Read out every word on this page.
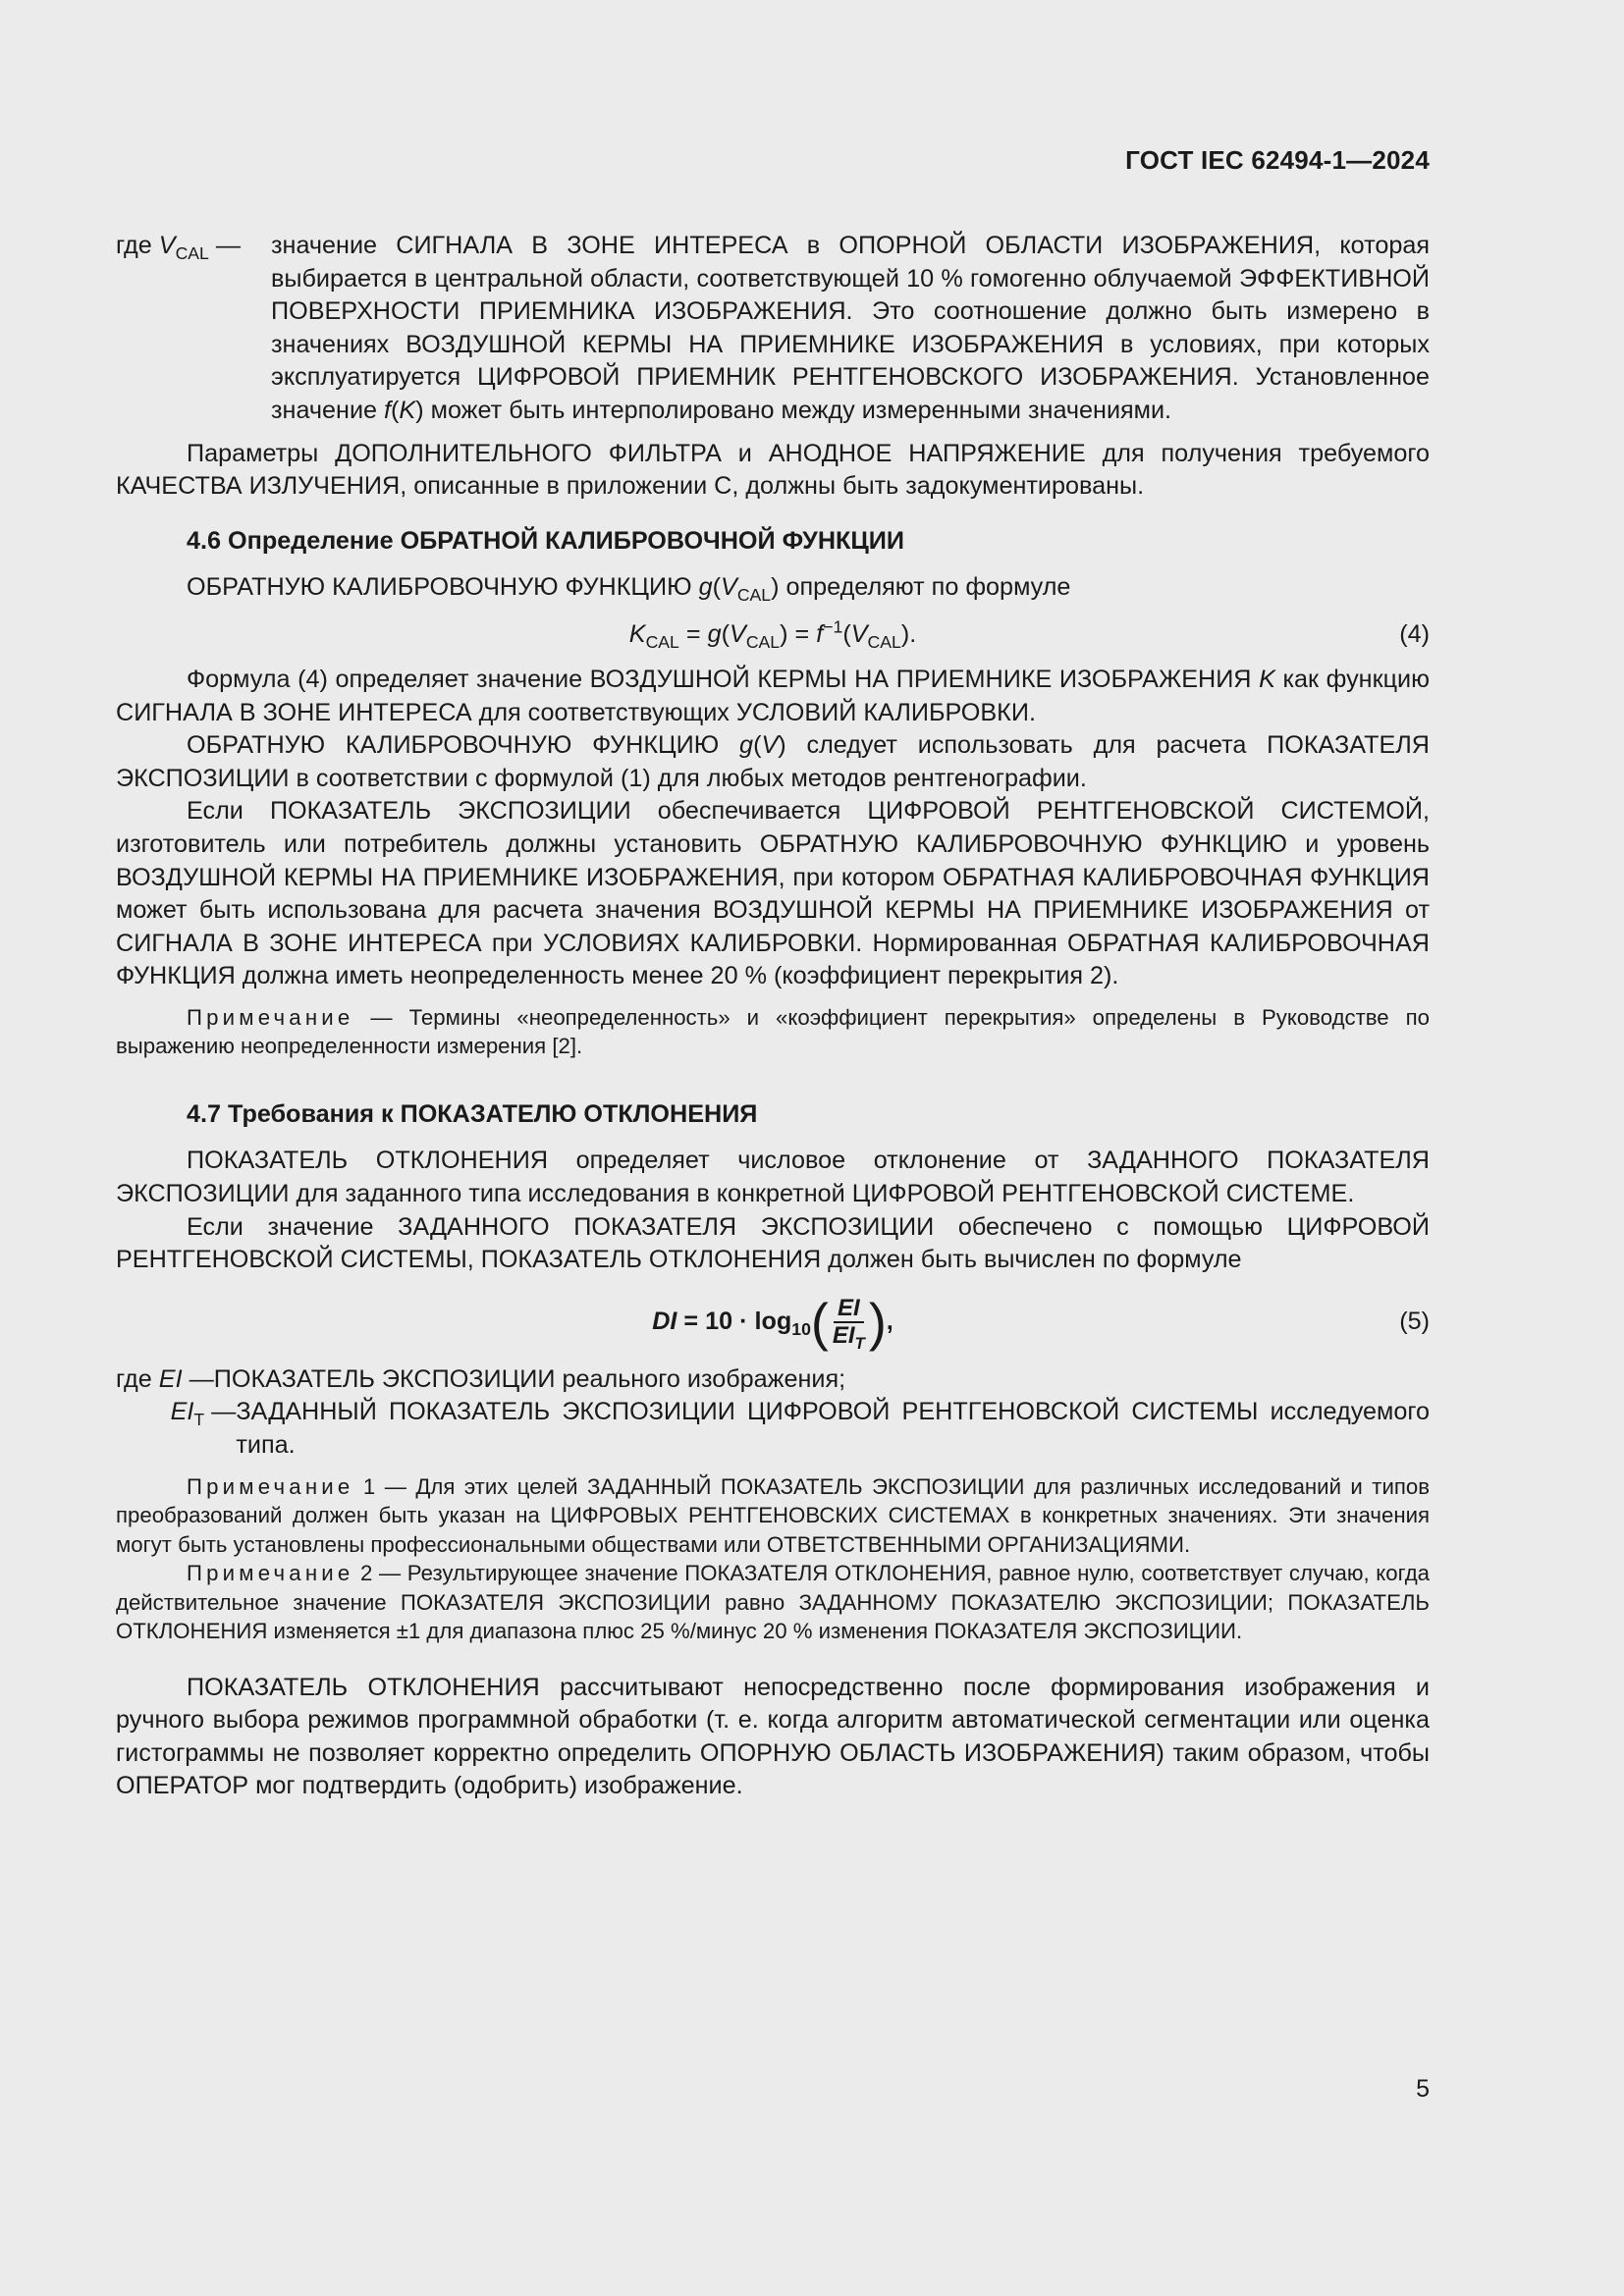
ГОСТ IEC 62494-1—2024
где $V_{CAL}$ —	значение СИГНАЛА В ЗОНЕ ИНТЕРЕСА в ОПОРНОЙ ОБЛАСТИ ИЗОБРАЖЕНИЯ, которая выбирается в центральной области, соответствующей 10 % гомогенно облучаемой ЭФФЕКТИВНОЙ ПОВЕРХНОСТИ ПРИЕМНИКА ИЗОБРАЖЕНИЯ. Это соотношение должно быть измерено в значениях ВОЗДУШНОЙ КЕРМЫ НА ПРИЕМНИКЕ ИЗОБРАЖЕНИЯ в условиях, при которых эксплуатируется ЦИФРОВОЙ ПРИЕМНИК РЕНТГЕНОВСКОГО ИЗОБРАЖЕНИЯ. Установленное значение f(K) может быть интерполировано между измеренными значениями.

Параметры ДОПОЛНИТЕЛЬНОГО ФИЛЬТРА и АНОДНОЕ НАПРЯЖЕНИЕ для получения требуемого КАЧЕСТВА ИЗЛУЧЕНИЯ, описанные в приложении С, должны быть задокументированы.

4.6 Определение ОБРАТНОЙ КАЛИБРОВОЧНОЙ ФУНКЦИИ

ОБРАТНУЮ КАЛИБРОВОЧНУЮ ФУНКЦИЮ $g(V_{CAL})$ определяют по формуле

$K_{CAL} = g(V_{CAL}) = f^{-1}(V_{CAL})$.	(4)

Формула (4) определяет значение ВОЗДУШНОЙ КЕРМЫ НА ПРИЕМНИКЕ ИЗОБРАЖЕНИЯ K как функцию СИГНАЛА В ЗОНЕ ИНТЕРЕСА для соответствующих УСЛОВИЙ КАЛИБРОВКИ.

ОБРАТНУЮ КАЛИБРОВОЧНУЮ ФУНКЦИЮ g(V) следует использовать для расчета ПОКАЗАТЕЛЯ ЭКСПОЗИЦИИ в соответствии с формулой (1) для любых методов рентгенографии.

Если ПОКАЗАТЕЛЬ ЭКСПОЗИЦИИ обеспечивается ЦИФРОВОЙ РЕНТГЕНОВСКОЙ СИСТЕМОЙ, изготовитель или потребитель должны установить ОБРАТНУЮ КАЛИБРОВОЧНУЮ ФУНКЦИЮ и уровень ВОЗДУШНОЙ КЕРМЫ НА ПРИЕМНИКЕ ИЗОБРАЖЕНИЯ, при котором ОБРАТНАЯ КАЛИБРОВОЧНАЯ ФУНКЦИЯ может быть использована для расчета значения ВОЗДУШНОЙ КЕРМЫ НА ПРИЕМНИКЕ ИЗОБРАЖЕНИЯ от СИГНАЛА В ЗОНЕ ИНТЕРЕСА при УСЛОВИЯХ КАЛИБРОВКИ. Нормированная ОБРАТНАЯ КАЛИБРОВОЧНАЯ ФУНКЦИЯ должна иметь неопределенность менее 20 % (коэффициент перекрытия 2).

Примечание — Термины «неопределенность» и «коэффициент перекрытия» определены в Руководстве по выражению неопределенности измерения [2].

4.7 Требования к ПОКАЗАТЕЛЮ ОТКЛОНЕНИЯ

ПОКАЗАТЕЛЬ ОТКЛОНЕНИЯ определяет числовое отклонение от ЗАДАННОГО ПОКАЗАТЕЛЯ ЭКСПОЗИЦИИ для заданного типа исследования в конкретной ЦИФРОВОЙ РЕНТГЕНОВСКОЙ СИСТЕМЕ.

Если значение ЗАДАННОГО ПОКАЗАТЕЛЯ ЭКСПОЗИЦИИ обеспечено с помощью ЦИФРОВОЙ РЕНТГЕНОВСКОЙ СИСТЕМЫ, ПОКАЗАТЕЛЬ ОТКЛОНЕНИЯ должен быть вычислен по формуле

DI = $10 \cdot \log_{10}( \frac{EI}{EI_T}$ ),	(5)
где EI — ПОКАЗАТЕЛЬ ЭКСПОЗИЦИИ реального изображения;
$EI_T$ — ЗАДАННЫЙ ПОКАЗАТЕЛЬ ЭКСПОЗИЦИИ ЦИФРОВОЙ РЕНТГЕНОВСКОЙ СИСТЕМЫ исследуемого типа.

Примечание 1 — Для этих целей ЗАДАННЫЙ ПОКАЗАТЕЛЬ ЭКСПОЗИЦИИ для различных исследований и типов преобразований должен быть указан на ЦИФРОВЫХ РЕНТГЕНОВСКИХ СИСТЕМАХ в конкретных значениях. Эти значения могут быть установлены профессиональными обществами или ОТВЕТСТВЕННЫМИ ОРГАНИЗАЦИЯМИ.

Примечание 2 — Результирующее значение ПОКАЗАТЕЛЯ ОТКЛОНЕНИЯ, равное нулю, соответствует случаю, когда действительное значение ПОКАЗАТЕЛЯ ЭКСПОЗИЦИИ равно ЗАДАННОМУ ПОКАЗАТЕЛЮ ЭКСПОЗИЦИИ; ПОКАЗАТЕЛЬ ОТКЛОНЕНИЯ изменяется ±1 для диапазона плюс 25 %/минус 20 % изменения ПОКАЗАТЕЛЯ ЭКСПОЗИЦИИ.

ПОКАЗАТЕЛЬ ОТКЛОНЕНИЯ рассчитывают непосредственно после формирования изображения и ручного выбора режимов программной обработки (т. е. когда алгоритм автоматической сегментации или оценка гистограммы не позволяет корректно определить ОПОРНУЮ ОБЛАСТЬ ИЗОБРАЖЕНИЯ) таким образом, чтобы ОПЕРАТОР мог подтвердить (одобрить) изображение.

5
